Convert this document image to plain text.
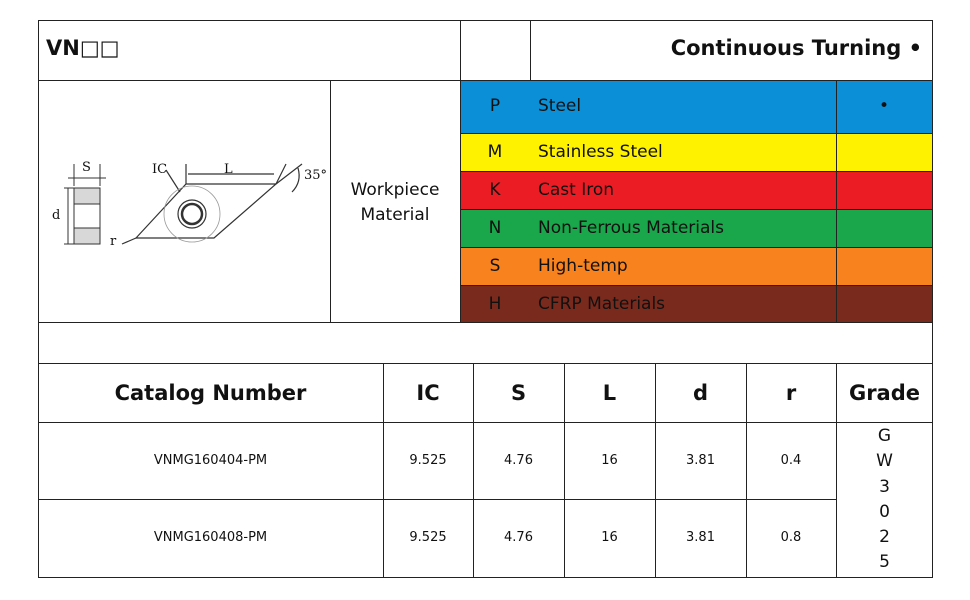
VN□□	Continuous Turning •
S	IC	L	35°
d
r
Workpiece
Material
P	Steel	•
M	Stainless Steel
K	Cast Iron
N	Non-Ferrous Materials
S	High-temp
H	CFRP Materials
Catalog Number	IC	S	L	d	r	Grade
VNMG160404-PM	9.525	4.76	16	3.81	0.4
VNMG160408-PM	9.525	4.76	16	3.81	0.8
G
W
3
0
2
5
